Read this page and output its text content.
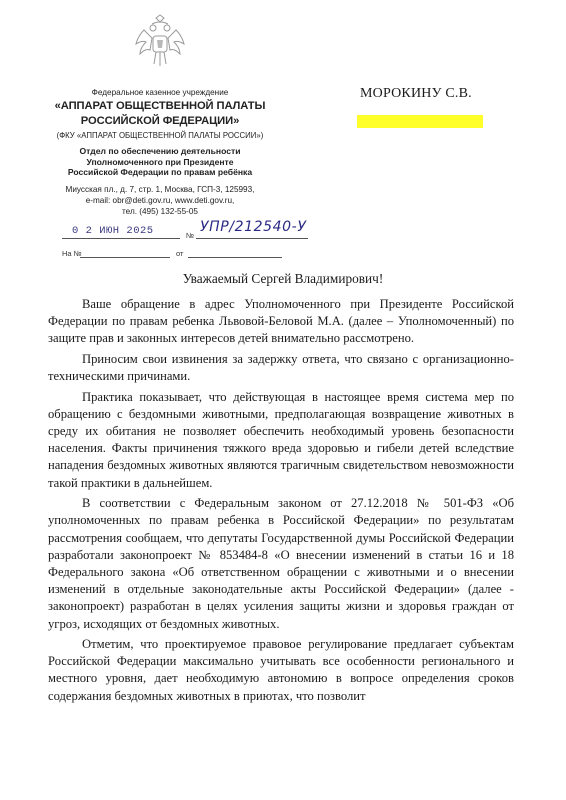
Федеральное казенное учреждение
«АППАРАТ ОБЩЕСТВЕННОЙ ПАЛАТЫ
РОССИЙСКОЙ ФЕДЕРАЦИИ»
(ФКУ «АППАРАТ ОБЩЕСТВЕННОЙ ПАЛАТЫ РОССИИ»)
Отдел по обеспечению деятельности
Уполномоченного при Президенте
Российской Федерации по правам ребёнка
Миусская пл., д. 7, стр. 1, Москва, ГСП-3, 125993,
e-mail: obr@deti.gov.ru, www.deti.gov.ru,
тел. (495) 132-55-05
МОРОКИНУ С.В.
0 2 ИЮН 2025	№
УПР/212540-У
На №	от
Уважаемый Сергей Владимирович!

Ваше обращение в адрес Уполномоченного при Президенте Российской Федерации по правам ребенка Львовой-Беловой М.А. (далее – Уполномоченный) по защите прав и законных интересов детей внимательно рассмотрено.

Приносим свои извинения за задержку ответа, что связано с организационно-техническими причинами.

Практика показывает, что действующая в настоящее время система мер по обращению с бездомными животными, предполагающая возвращение животных в среду их обитания не позволяет обеспечить необходимый уровень безопасности населения. Факты причинения тяжкого вреда здоровью и гибели детей вследствие нападения бездомных животных являются трагичным свидетельством невозможности такой практики в дальнейшем.

В соответствии с Федеральным законом от 27.12.2018 № 501-ФЗ «Об уполномоченных по правам ребенка в Российской Федерации» по результатам рассмотрения сообщаем, что депутаты Государственной думы Российской Федерации разработали законопроект № 853484-8 «О внесении изменений в статьи 16 и 18 Федерального закона «Об ответственном обращении с животными и о внесении изменений в отдельные законодательные акты Российской Федерации» (далее - законопроект) разработан в целях усиления защиты жизни и здоровья граждан от угроз, исходящих от бездомных животных.

Отметим, что проектируемое правовое регулирование предлагает субъектам Российской Федерации максимально учитывать все особенности регионального и местного уровня, дает необходимую автономию в вопросе определения сроков содержания бездомных животных в приютах, что позволит
